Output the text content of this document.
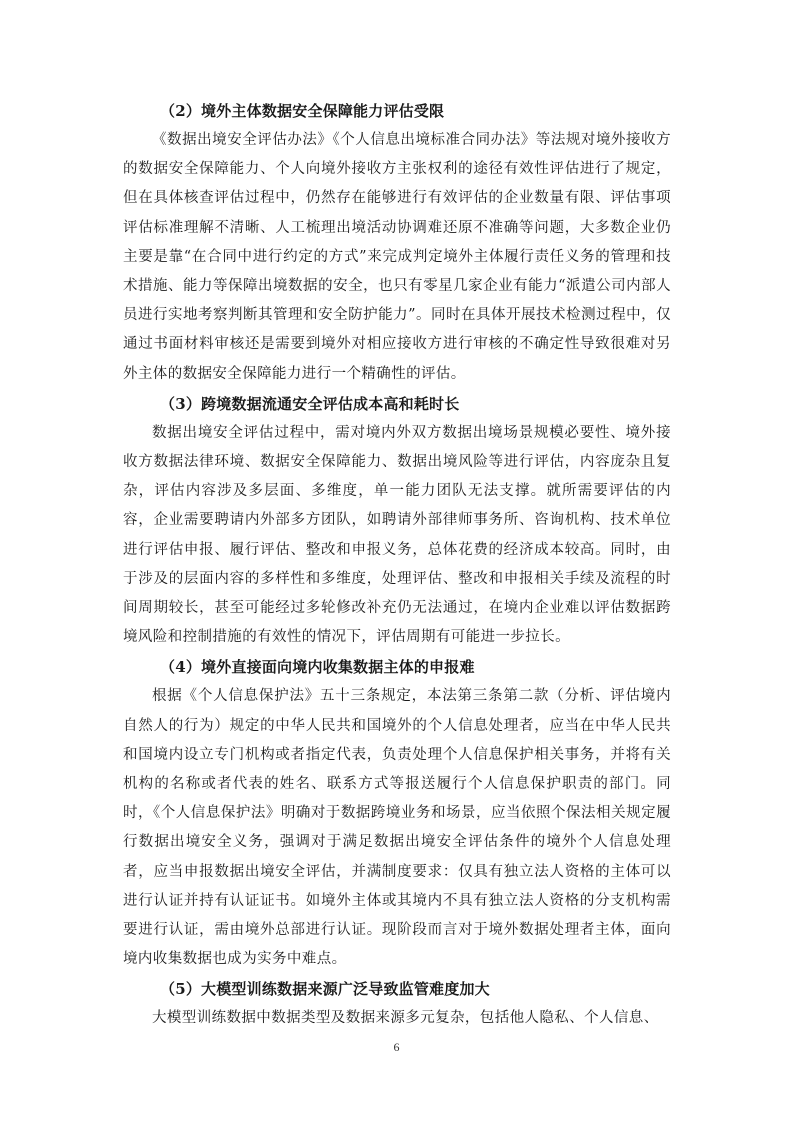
（2）境外主体数据安全保障能力评估受限

《数据出境安全评估办法》《个人信息出境标准合同办法》等法规对境外接收方的数据安全保障能力、个人向境外接收方主张权利的途径有效性评估进行了规定，但在具体核查评估过程中，仍然存在能够进行有效评估的企业数量有限、评估事项评估标准理解不清晰、人工梳理出境活动协调难还原不准确等问题，大多数企业仍主要是靠“在合同中进行约定的方式”来完成判定境外主体履行责任义务的管理和技术措施、能力等保障出境数据的安全，也只有零星几家企业有能力“派遣公司内部人员进行实地考察判断其管理和安全防护能力”。同时在具体开展技术检测过程中，仅通过书面材料审核还是需要到境外对相应接收方进行审核的不确定性导致很难对另外主体的数据安全保障能力进行一个精确性的评估。

（3）跨境数据流通安全评估成本高和耗时长

数据出境安全评估过程中，需对境内外双方数据出境场景规模必要性、境外接收方数据法律环境、数据安全保障能力、数据出境风险等进行评估，内容庞杂且复杂，评估内容涉及多层面、多维度，单一能力团队无法支撑。就所需要评估的内容，企业需要聘请内外部多方团队，如聘请外部律师事务所、咨询机构、技术单位进行评估申报、履行评估、整改和申报义务，总体花费的经济成本较高。同时，由于涉及的层面内容的多样性和多维度，处理评估、整改和申报相关手续及流程的时间周期较长，甚至可能经过多轮修改补充仍无法通过，在境内企业难以评估数据跨境风险和控制措施的有效性的情况下，评估周期有可能进一步拉长。

（4）境外直接面向境内收集数据主体的申报难

根据《个人信息保护法》五十三条规定，本法第三条第二款（分析、评估境内自然人的行为）规定的中华人民共和国境外的个人信息处理者，应当在中华人民共和国境内设立专门机构或者指定代表，负责处理个人信息保护相关事务，并将有关机构的名称或者代表的姓名、联系方式等报送履行个人信息保护职责的部门。同时，《个人信息保护法》明确对于数据跨境业务和场景，应当依照个保法相关规定履行数据出境安全义务，强调对于满足数据出境安全评估条件的境外个人信息处理者，应当申报数据出境安全评估，并满制度要求：仅具有独立法人资格的主体可以进行认证并持有认证证书。如境外主体或其境内不具有独立法人资格的分支机构需要进行认证，需由境外总部进行认证。现阶段而言对于境外数据处理者主体，面向境内收集数据也成为实务中难点。

（5）大模型训练数据来源广泛导致监管难度加大

大模型训练数据中数据类型及数据来源多元复杂，包括他人隐私、个人信息、

6
